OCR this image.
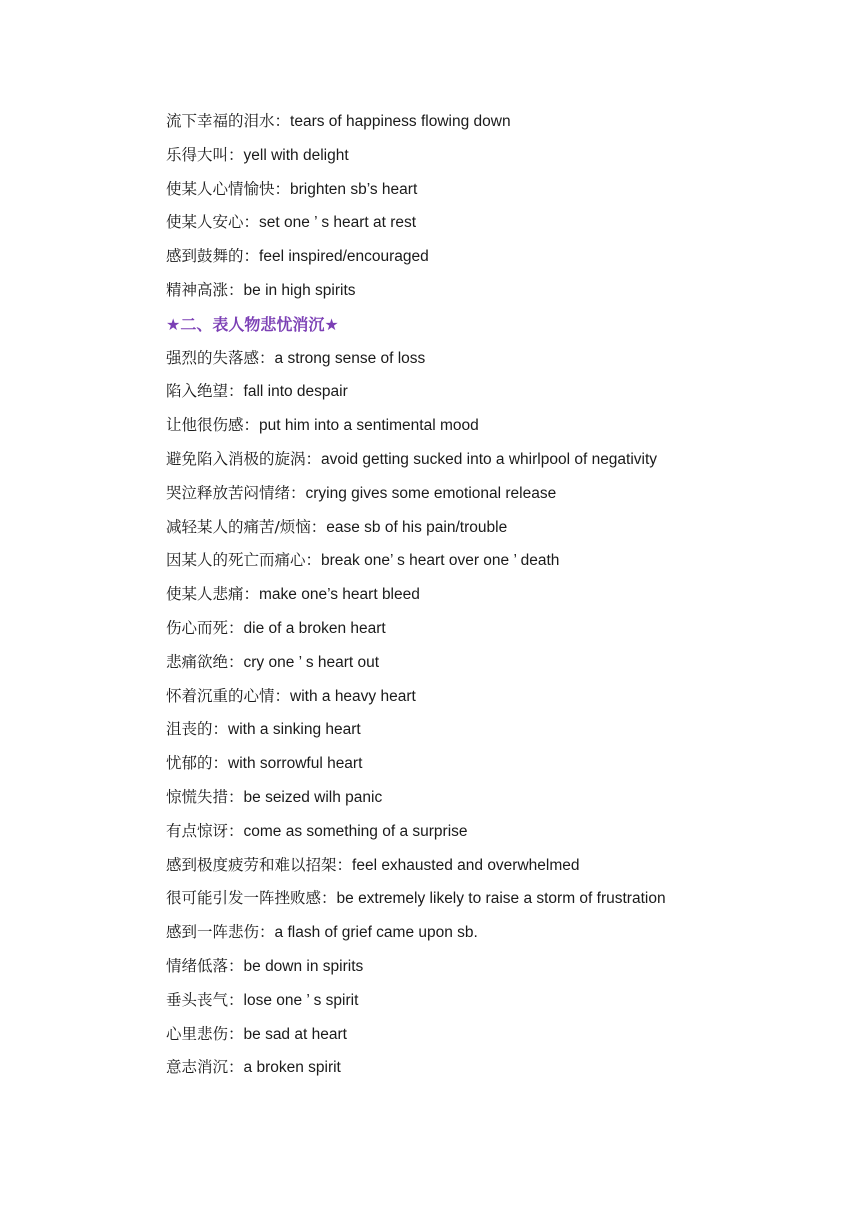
流下幸福的泪水：tears of happiness flowing down
乐得大叫：yell with delight
使某人心情愉快：brighten sb’s heart
使某人安心：set one ’ s heart at rest
感到鼓舞的：feel inspired/encouraged
精神高涨：be in high spirits
★二、表人物悲忧消沉★
强烈的失落感：a strong sense of loss
陷入绝望：fall into despair
让他很伤感：put him into a sentimental mood
避免陷入消极的旋涡：avoid getting sucked into a whirlpool of negativity
哭泣释放苦闷情绪：crying gives some emotional release
减轻某人的痛苦/烦恼：ease sb of his pain/trouble
因某人的死亡而痛心：break one’ s heart over one ’ death
使某人悲痛：make one’s heart bleed
伤心而死：die of a broken heart
悲痛欲绝：cry one ’ s heart out
怀着沉重的心情：with a heavy heart
沮丧的：with a sinking heart
忧郁的：with sorrowful heart
惊慌失措：be seized wilh panic
有点惊讶：come as something of a surprise
感到极度疲劳和难以招架：feel exhausted and overwhelmed
很可能引发一阵挫败感：be extremely likely to raise a storm of frustration
感到一阵悲伤：a flash of grief came upon sb.
情绪低落：be down in spirits
垂头丧气：lose one ’ s spirit
心里悲伤：be sad at heart
意志消沉：a broken spirit
